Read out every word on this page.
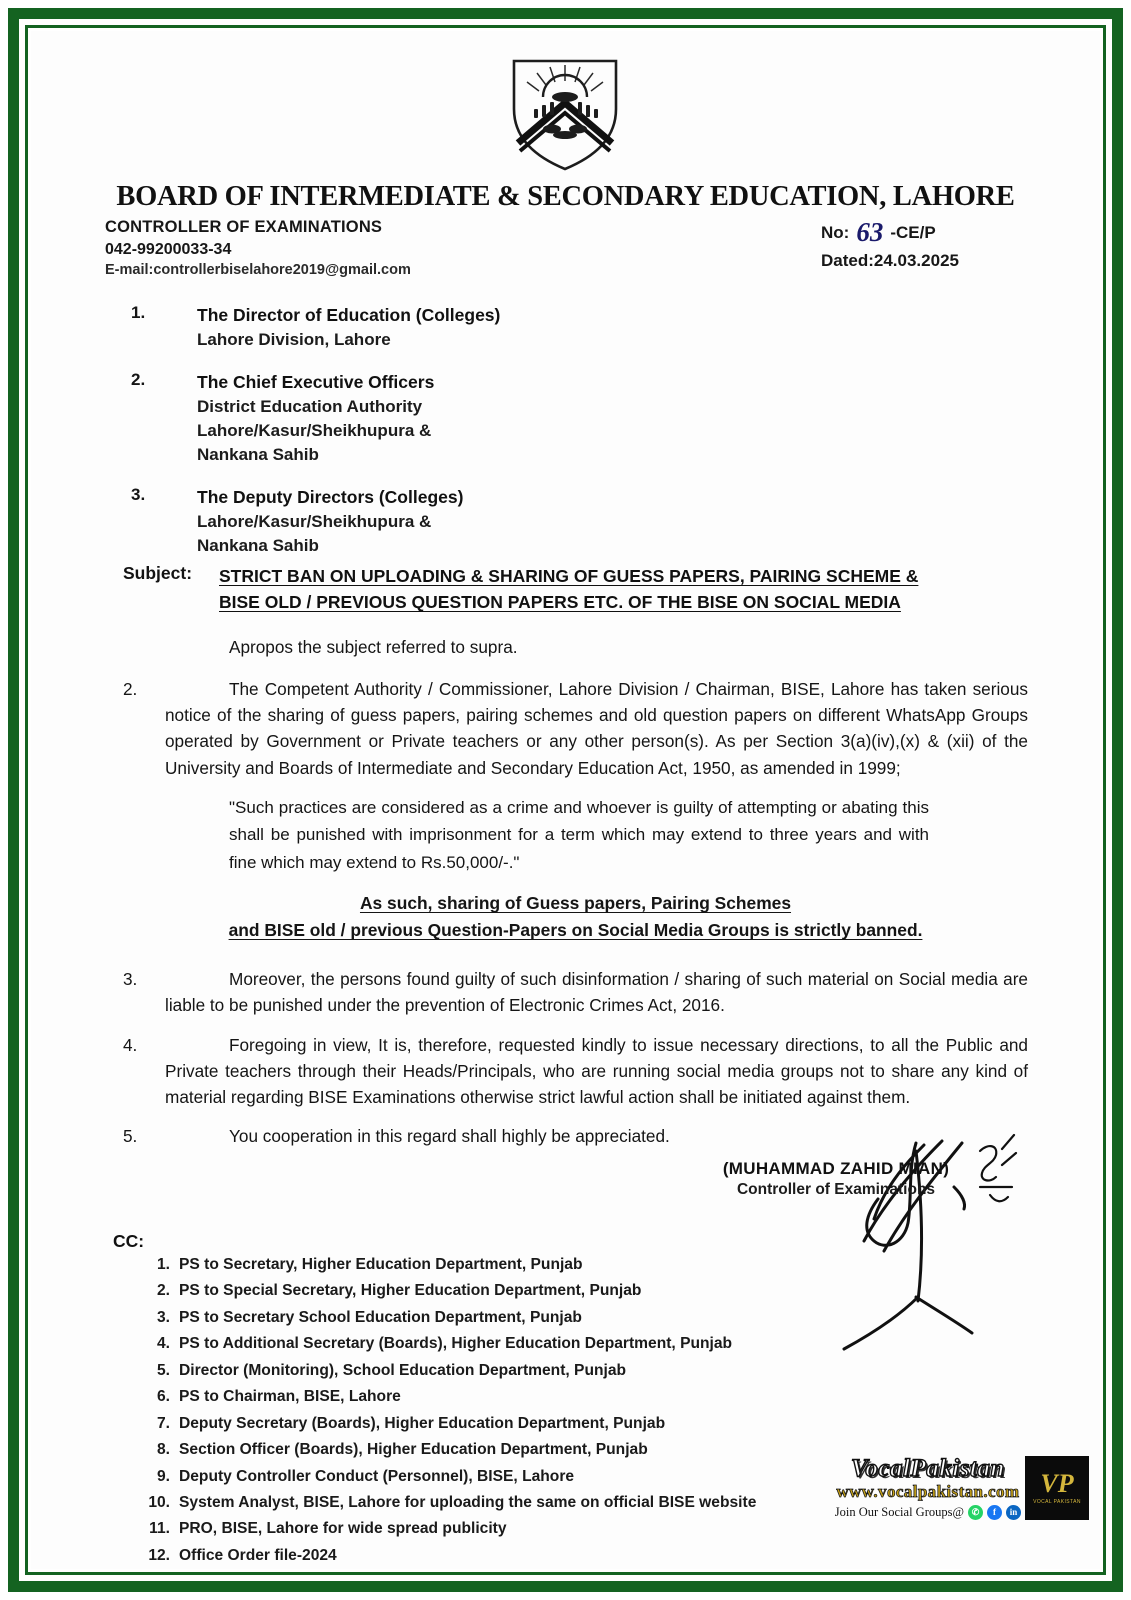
BOARD OF INTERMEDIATE & SECONDARY EDUCATION, LAHORE
CONTROLLER OF EXAMINATIONS
042-99200033-34
E-mail:controllerbiselahore2019@gmail.com
No: 63 -CE/P
Dated:24.03.2025
1.	The Director of Education (Colleges)
Lahore Division, Lahore
2.	The Chief Executive Officers
District Education Authority
Lahore/Kasur/Sheikhupura &
Nankana Sahib
3.	The Deputy Directors (Colleges)
Lahore/Kasur/Sheikhupura &
Nankana Sahib
Subject:	STRICT BAN ON UPLOADING & SHARING OF GUESS PAPERS, PAIRING SCHEME &
BISE OLD / PREVIOUS QUESTION PAPERS ETC. OF THE BISE ON SOCIAL MEDIA
Apropos the subject referred to supra.
2.	The Competent Authority / Commissioner, Lahore Division / Chairman, BISE, Lahore has taken serious notice of the sharing of guess papers, pairing schemes and old question papers on different WhatsApp Groups operated by Government or Private teachers or any other person(s). As per Section 3(a)(iv),(x) & (xii) of the University and Boards of Intermediate and Secondary Education Act, 1950, as amended in 1999;
"Such practices are considered as a crime and whoever is guilty of attempting or abating this shall be punished with imprisonment for a term which may extend to three years and with fine which may extend to Rs.50,000/-."
As such, sharing of Guess papers, Pairing Schemes
and BISE old / previous Question-Papers on Social Media Groups is strictly banned.
3.	Moreover, the persons found guilty of such disinformation / sharing of such material on Social media are liable to be punished under the prevention of Electronic Crimes Act, 2016.
4.	Foregoing in view, It is, therefore, requested kindly to issue necessary directions, to all the Public and Private teachers through their Heads/Principals, who are running social media groups not to share any kind of material regarding BISE Examinations otherwise strict lawful action shall be initiated against them.
5.	You cooperation in this regard shall highly be appreciated.
(MUHAMMAD ZAHID MIAN)
Controller of Examinations
CC:
1. PS to Secretary, Higher Education Department, Punjab
2. PS to Special Secretary, Higher Education Department, Punjab
3. PS to Secretary School Education Department, Punjab
4. PS to Additional Secretary (Boards), Higher Education Department, Punjab
5. Director (Monitoring), School Education Department, Punjab
6. PS to Chairman, BISE, Lahore
7. Deputy Secretary (Boards), Higher Education Department, Punjab
8. Section Officer (Boards), Higher Education Department, Punjab
9. Deputy Controller Conduct (Personnel), BISE, Lahore
10. System Analyst, BISE, Lahore for uploading the same on official BISE website
11. PRO, BISE, Lahore for wide spread publicity
12. Office Order file-2024
VocalPakistan
www.vocalpakistan.com
Join Our Social Groups@ ✆	f	in
VP
VOCAL PAKISTAN
